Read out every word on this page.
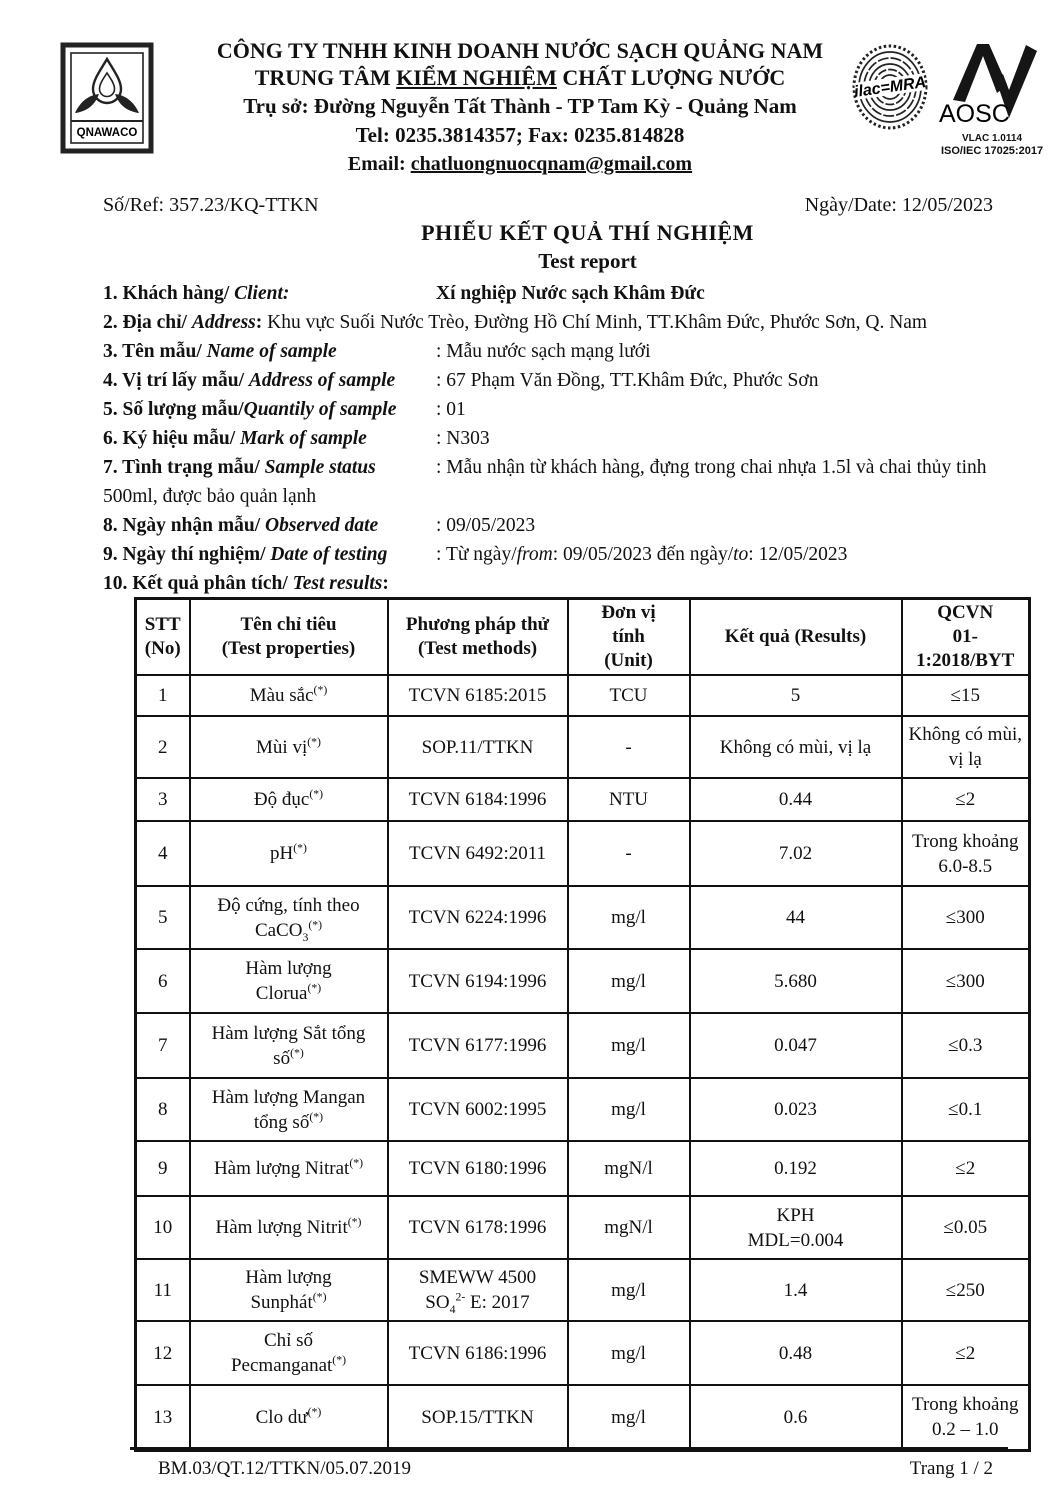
QNAWACO
CÔNG TY TNHH KINH DOANH NƯỚC SẠCH QUẢNG NAM
TRUNG TÂM KIỂM NGHIỆM CHẤT LƯỢNG NƯỚC
Trụ sở: Đường Nguyễn Tất Thành - TP Tam Kỳ - Quảng Nam
Tel: 0235.3814357; Fax: 0235.814828
Email: chatluongnuocqnam@gmail.com
ilac=MRA
AOSC
VLAC 1.0114
ISO/IEC 17025:2017
Số/Ref: 357.23/KQ-TTKN	Ngày/Date: 12/05/2023
PHIẾU KẾT QUẢ THÍ NGHIỆM
Test report

1. Khách hàng/ Client:	Xí nghiệp Nước sạch Khâm Đức

2. Địa chỉ/ Address: Khu vực Suối Nước Trèo, Đường Hồ Chí Minh, TT.Khâm Đức, Phước Sơn, Q. Nam

3. Tên mẫu/ Name of sample	: Mẫu nước sạch mạng lưới

4. Vị trí lấy mẫu/ Address of sample : 67 Phạm Văn Đồng, TT.Khâm Đức, Phước Sơn

5. Số lượng mẫu/Quantily of sample : 01

6. Ký hiệu mẫu/ Mark of sample	: N303

7. Tình trạng mẫu/ Sample status	: Mẫu nhận từ khách hàng, đựng trong chai nhựa 1.5l và chai thủy tinh 500ml, được bảo quản lạnh

8. Ngày nhận mẫu/ Observed date	: 09/05/2023

9. Ngày thí nghiệm/ Date of testing : Từ ngày/from: 09/05/2023 đến ngày/to: 12/05/2023

10. Kết quả phân tích/ Test results:

STT
(No)	Tên chỉ tiêu
(Test properties)	Phương pháp thử
(Test methods)	Đơn vị
tính
(Unit)	Kết quả (Results)	QCVN
01-
1:2018/BYT
1	Màu sắc(*)	TCVN 6185:2015	TCU	5	≤15
2	Mùi vị(*)	SOP.11/TTKN	-	Không có mùi, vị lạ	Không có mùi,
vị lạ
3	Độ đục(*)	TCVN 6184:1996	NTU	0.44	≤2
4	pH(*)	TCVN 6492:2011	-	7.02	Trong khoảng
6.0-8.5
5	Độ cứng, tính theo
CaCO$_3$(*)	TCVN 6224:1996	mg/l	44	≤300
6	Hàm lượng
Clorua(*)	TCVN 6194:1996	mg/l	5.680	≤300
7	Hàm lượng Sắt tổng
số(*)	TCVN 6177:1996	mg/l	0.047	≤0.3
8	Hàm lượng Mangan
tổng số(*)	TCVN 6002:1995	mg/l	0.023	≤0.1
9	Hàm lượng Nitrat(*)	TCVN 6180:1996	mgN/l	0.192	≤2
10	Hàm lượng Nitrit(*)	TCVN 6178:1996	mgN/l	KPH
MDL=0.004	≤0.05
11	Hàm lượng
Sunphát(*)	SMEWW 4500
$SO_4^{2-}$ E: 2017	mg/l	1.4	≤250
12	Chỉ số
Pecmanganat(*)	TCVN 6186:1996	mg/l	0.48	≤2
13	Clo dư(*)	SOP.15/TTKN	mg/l	0.6	Trong khoảng
0.2 – 1.0
BM.03/QT.12/TTKN/05.07.2019	Trang 1 / 2
